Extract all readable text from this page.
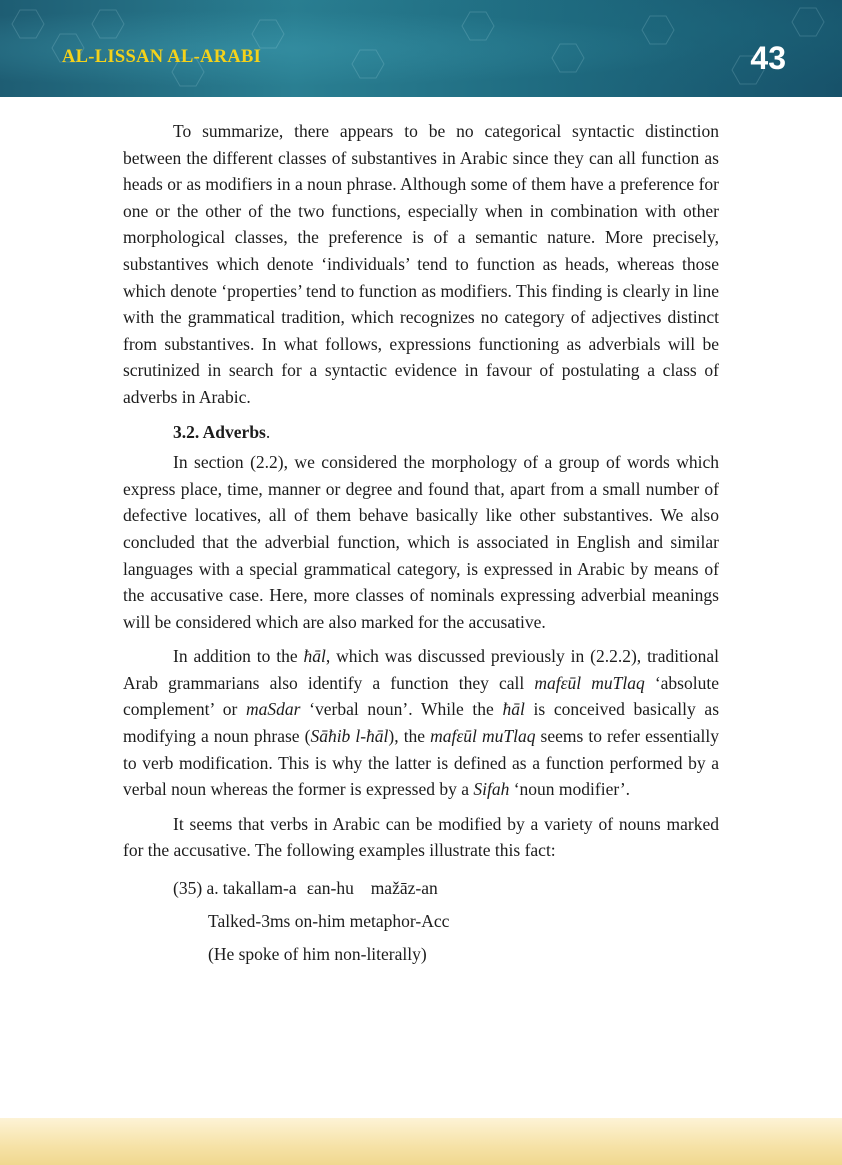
AL-LISSAN AL-ARABI	43

To summarize, there appears to be no categorical syntactic distinction between the different classes of substantives in Arabic since they can all function as heads or as modifiers in a noun phrase. Although some of them have a preference for one or the other of the two functions, especially when in combination with other morphological classes, the preference is of a semantic nature. More precisely, substantives which denote ‘individuals’ tend to function as heads, whereas those which denote ‘properties’ tend to function as modifiers. This finding is clearly in line with the grammatical tradition, which recognizes no category of adjectives distinct from substantives. In what follows, expressions functioning as adverbials will be scrutinized in search for a syntactic evidence in favour of postulating a class of adverbs in Arabic.

3.2. Adverbs.

In section (2.2), we considered the morphology of a group of words which express place, time, manner or degree and found that, apart from a small number of defective locatives, all of them behave basically like other substantives. We also concluded that the adverbial function, which is associated in English and similar languages with a special grammatical category, is expressed in Arabic by means of the accusative case. Here, more classes of nominals expressing adverbial meanings will be considered which are also marked for the accusative.

In addition to the ħāl, which was discussed previously in (2.2.2), traditional Arab grammarians also identify a function they call mafεūl muTlaq ‘absolute complement’ or maSdar ‘verbal noun’. While the ħāl is conceived basically as modifying a noun phrase (Sāħib l-ħāl), the mafεūl muTlaq seems to refer essentially to verb modification. This is why the latter is defined as a function performed by a verbal noun whereas the former is expressed by a Sifah ‘noun modifier’.

It seems that verbs in Arabic can be modified by a variety of nouns marked for the accusative. The following examples illustrate this fact:

(35) a. takallam-a εan-hu mažāz-an
Talked-3ms on-him metaphor-Acc
(He spoke of him non-literally)
